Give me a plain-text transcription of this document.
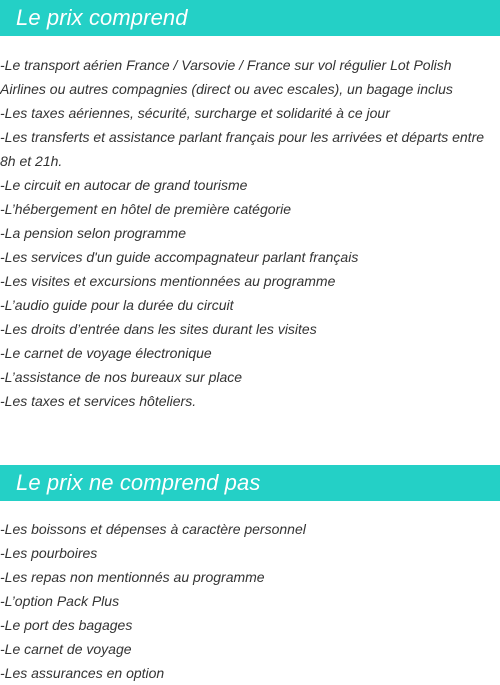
Le prix comprend
-Le transport aérien France / Varsovie / France sur vol régulier Lot Polish Airlines ou autres compagnies (direct ou avec escales), un bagage inclus
-Les taxes aériennes, sécurité, surcharge et solidarité à ce jour
-Les transferts et assistance parlant français pour les arrivées et départs entre 8h et 21h.
-Le circuit en autocar de grand tourisme
-L’hébergement en hôtel de première catégorie
-La pension selon programme
-Les services d'un guide accompagnateur parlant français
-Les visites et excursions mentionnées au programme
-L’audio guide pour la durée du circuit
-Les droits d’entrée dans les sites durant les visites
-Le carnet de voyage électronique
-L’assistance de nos bureaux sur place
-Les taxes et services hôteliers.
Le prix ne comprend pas
-Les boissons et dépenses à caractère personnel
-Les pourboires
-Les repas non mentionnés au programme
-L’option Pack Plus
-Le port des bagages
-Le carnet de voyage
-Les assurances en option
